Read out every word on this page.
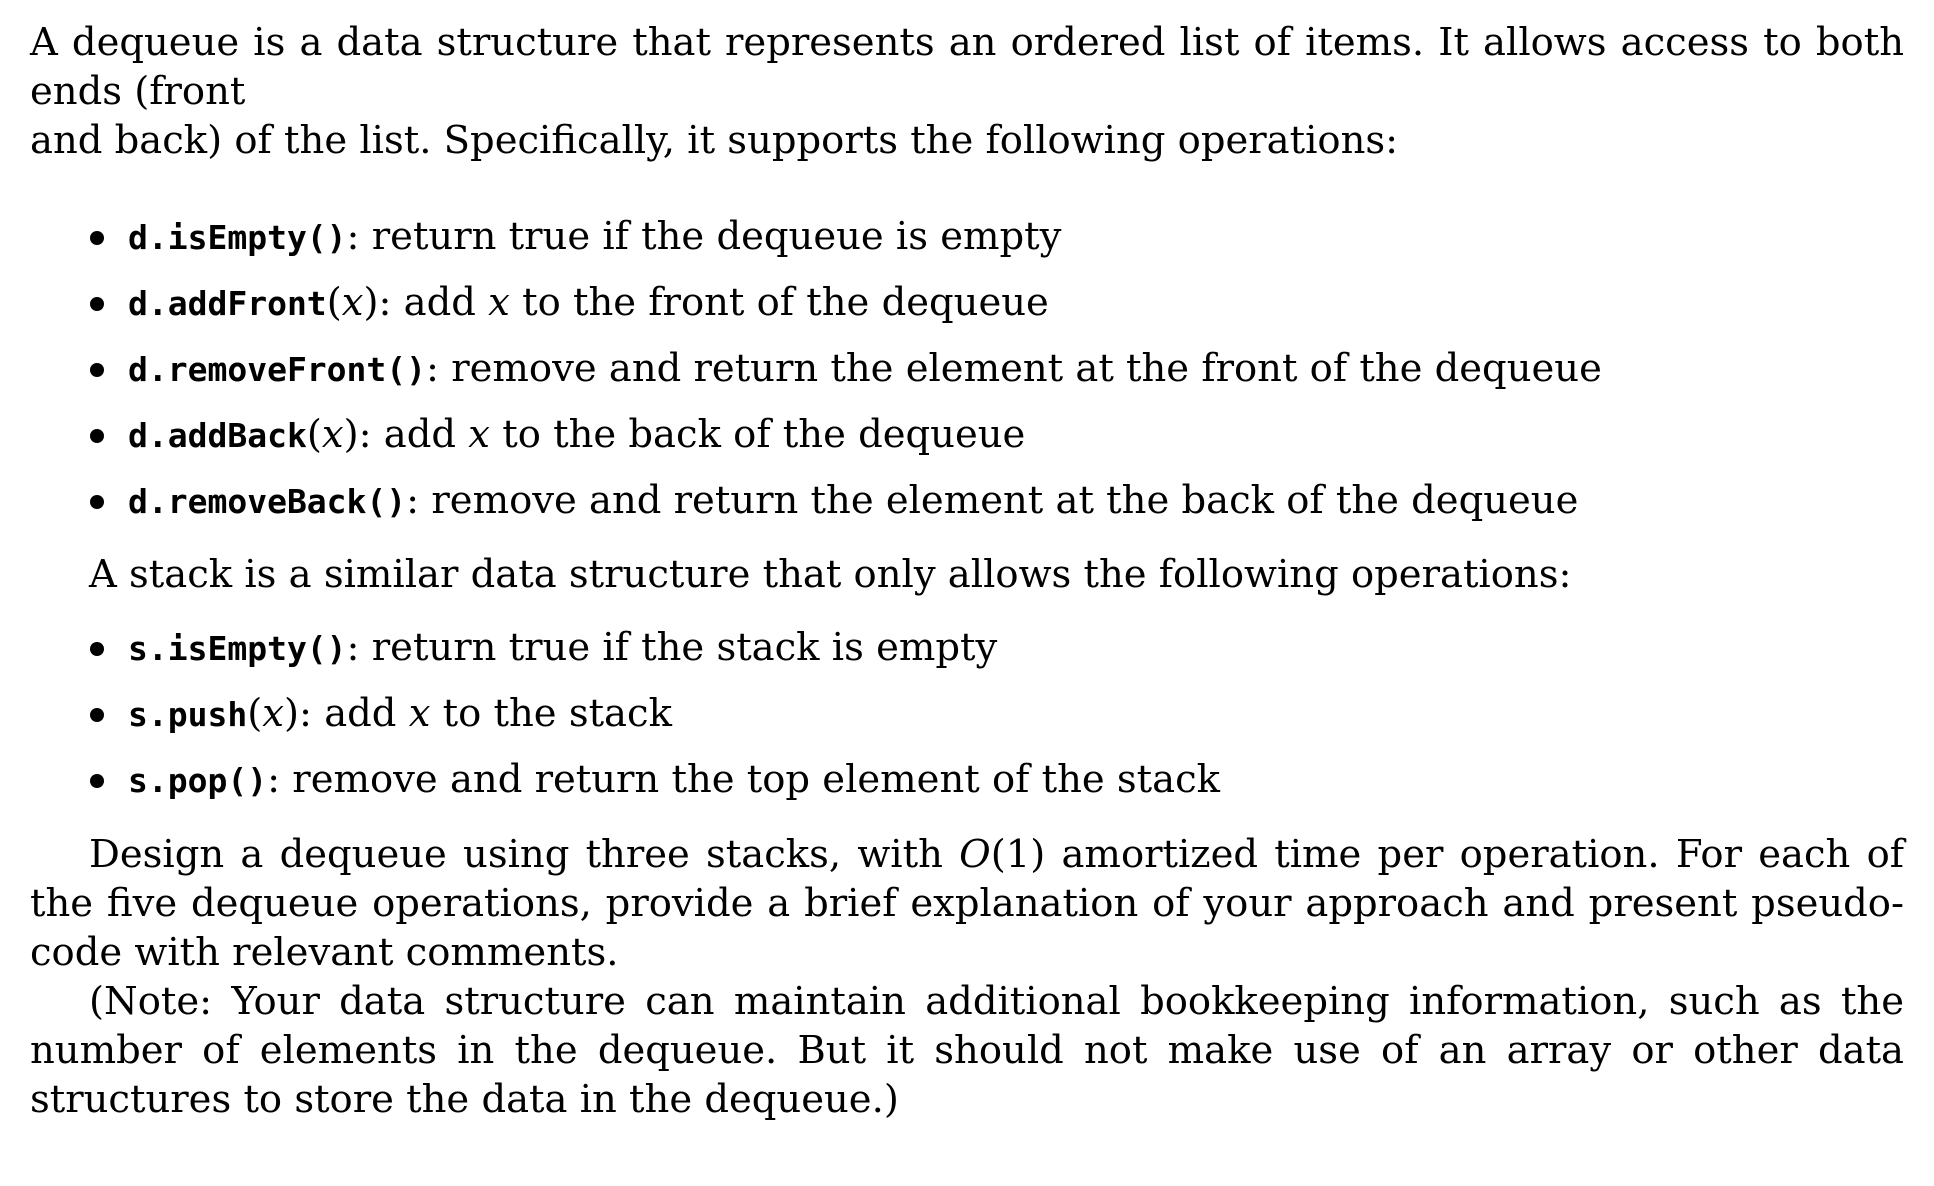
A dequeue is a data structure that represents an ordered list of items. It allows access to both ends (front
and back) of the list. Specifically, it supports the following operations:

d.isEmpty(): return true if the dequeue is empty
d.addFront(x): add x to the front of the dequeue
d.removeFront(): remove and return the element at the front of the dequeue
d.addBack(x): add x to the back of the dequeue
d.removeBack(): remove and return the element at the back of the dequeue

A stack is a similar data structure that only allows the following operations:

s.isEmpty(): return true if the stack is empty
s.push(x): add x to the stack
s.pop(): remove and return the top element of the stack

Design a dequeue using three stacks, with O(1) amortized time per operation. For each of the five dequeue operations, provide a brief explanation of your approach and present pseudo-code with relevant comments.

(Note: Your data structure can maintain additional bookkeeping information, such as the number of elements in the dequeue. But it should not make use of an array or other data structures to store the data in the dequeue.)
